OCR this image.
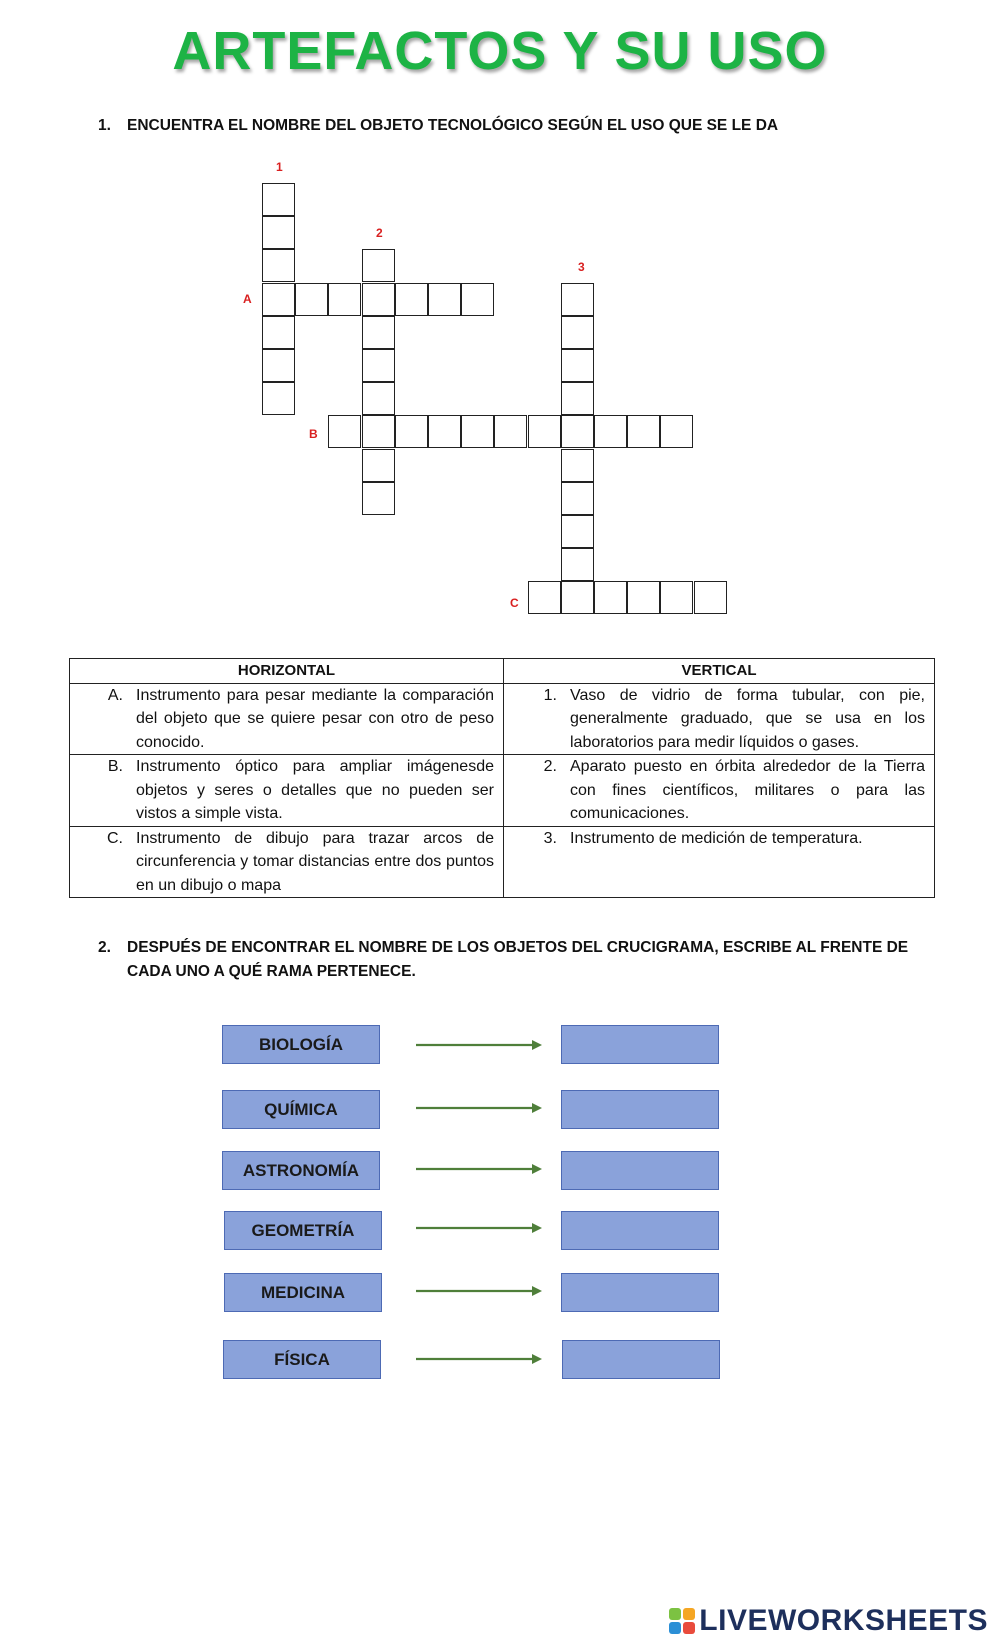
ARTEFACTOS Y SU USO
1. ENCUENTRA EL NOMBRE DEL OBJETO TECNOLÓGICO SEGÚN EL USO QUE SE LE DA
1
2
3
A
B
C
HORIZONTAL	VERTICAL

A. Instrumento para pesar mediante la comparación del objeto que se quiere pesar con otro de peso conocido.	1. Vaso de vidrio de forma tubular, con pie, generalmente graduado, que se usa en los laboratorios para medir líquidos o gases.

B. Instrumento óptico para ampliar imágenesde objetos y seres o detalles que no pueden ser vistos a simple vista.	2. Aparato puesto en órbita alrededor de la Tierra con fines científicos, militares o para las comunicaciones.

C. Instrumento de dibujo para trazar arcos de circunferencia y tomar distancias entre dos puntos en un dibujo o mapa	3. Instrumento de medición de temperatura.
2. DESPUÉS DE ENCONTRAR EL NOMBRE DE LOS OBJETOS DEL CRUCIGRAMA, ESCRIBE AL FRENTE DE CADA UNO A QUÉ RAMA PERTENECE.
BIOLOGÍA
QUÍMICA
ASTRONOMÍA
GEOMETRÍA
MEDICINA
FÍSICA
LIVEWORKSHEETS
